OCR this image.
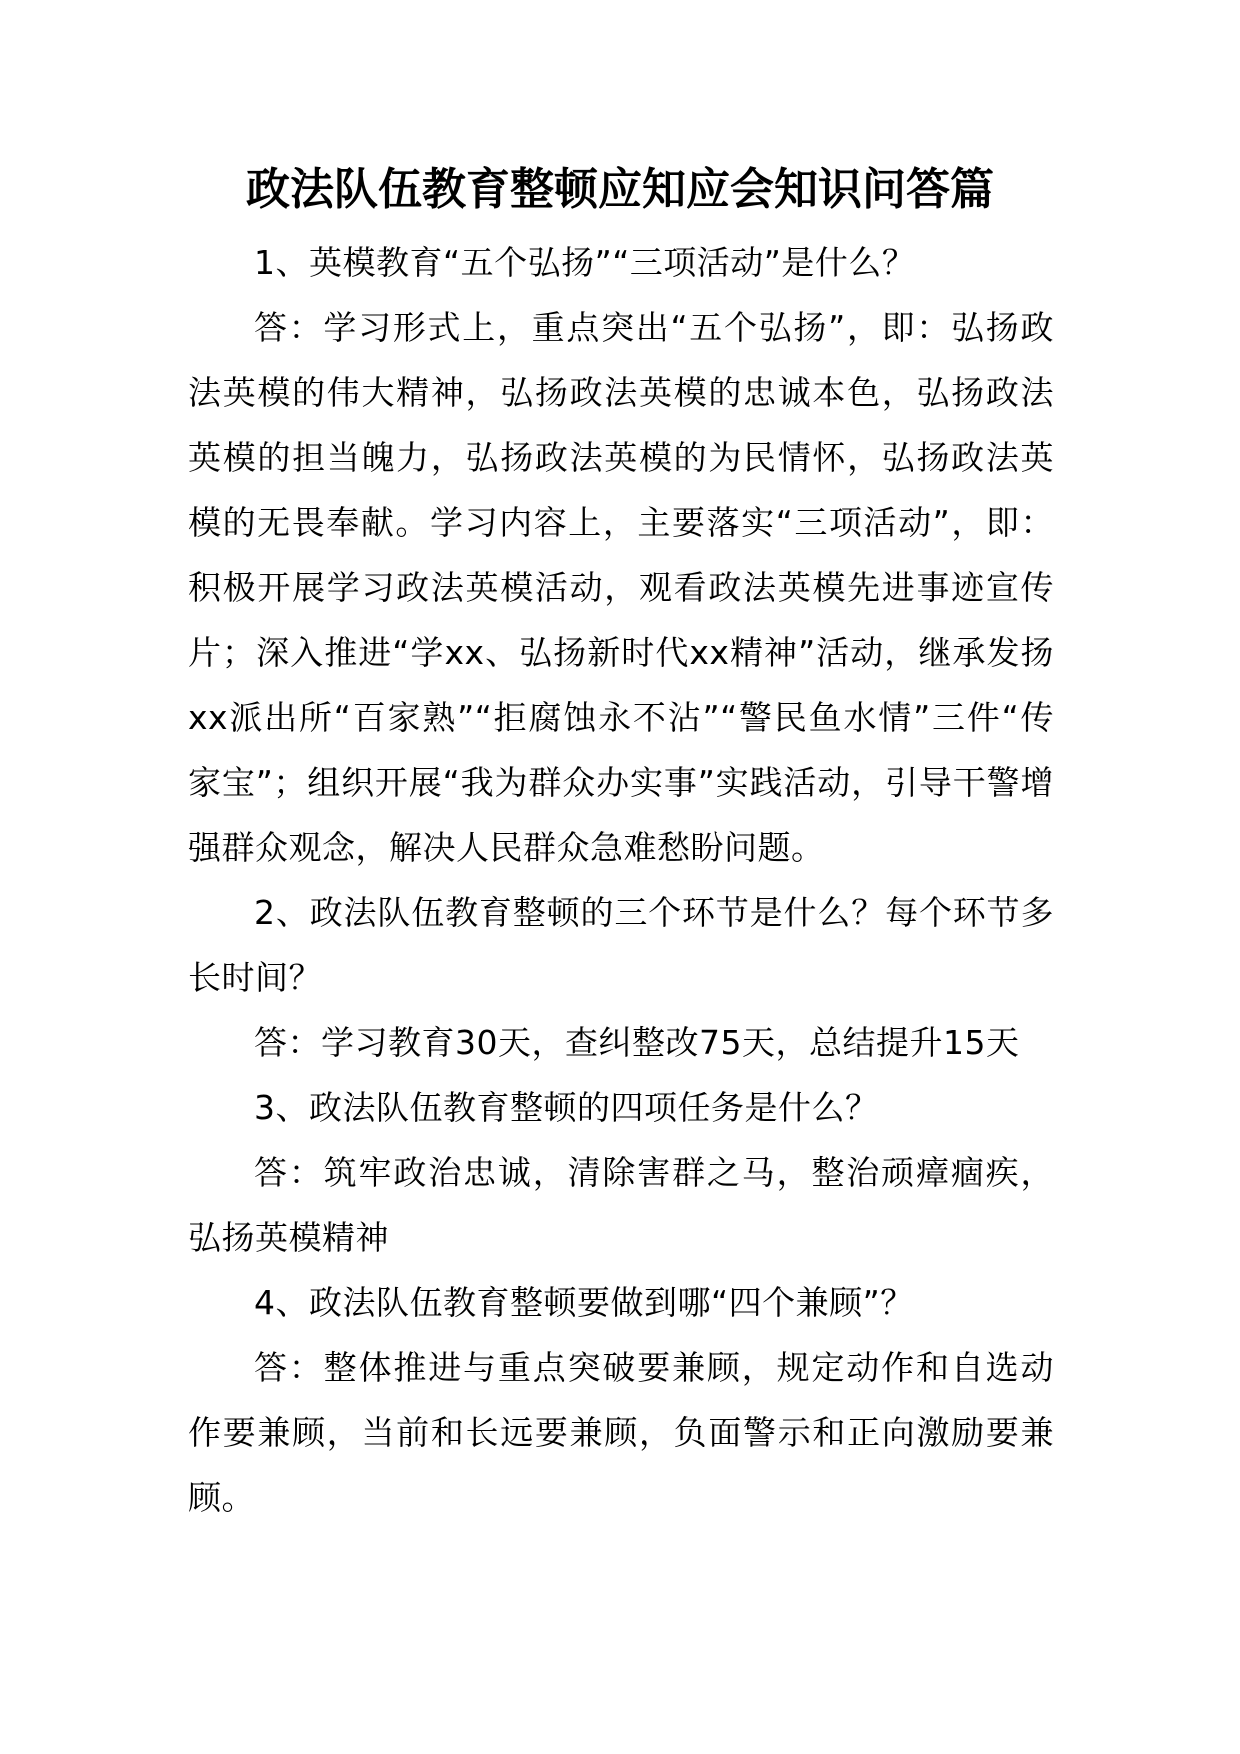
政法队伍教育整顿应知应会知识问答篇

1、英模教育“五个弘扬”“三项活动”是什么？

答：学习形式上，重点突出“五个弘扬”，即：弘扬政法英模的伟大精神，弘扬政法英模的忠诚本色，弘扬政法英模的担当魄力，弘扬政法英模的为民情怀，弘扬政法英模的无畏奉献。学习内容上，主要落实“三项活动”，即：积极开展学习政法英模活动，观看政法英模先进事迹宣传片；深入推进“学xx、弘扬新时代xx精神”活动，继承发扬xx派出所“百家熟”“拒腐蚀永不沾”“警民鱼水情”三件“传家宝”；组织开展“我为群众办实事”实践活动，引导干警增强群众观念，解决人民群众急难愁盼问题。

2、政法队伍教育整顿的三个环节是什么？每个环节多长时间？

答：学习教育30天，查纠整改75天，总结提升15天

3、政法队伍教育整顿的四项任务是什么？

答：筑牢政治忠诚，清除害群之马，整治顽瘴痼疾，弘扬英模精神

4、政法队伍教育整顿要做到哪“四个兼顾”？

答：整体推进与重点突破要兼顾，规定动作和自选动作要兼顾，当前和长远要兼顾，负面警示和正向激励要兼顾。
